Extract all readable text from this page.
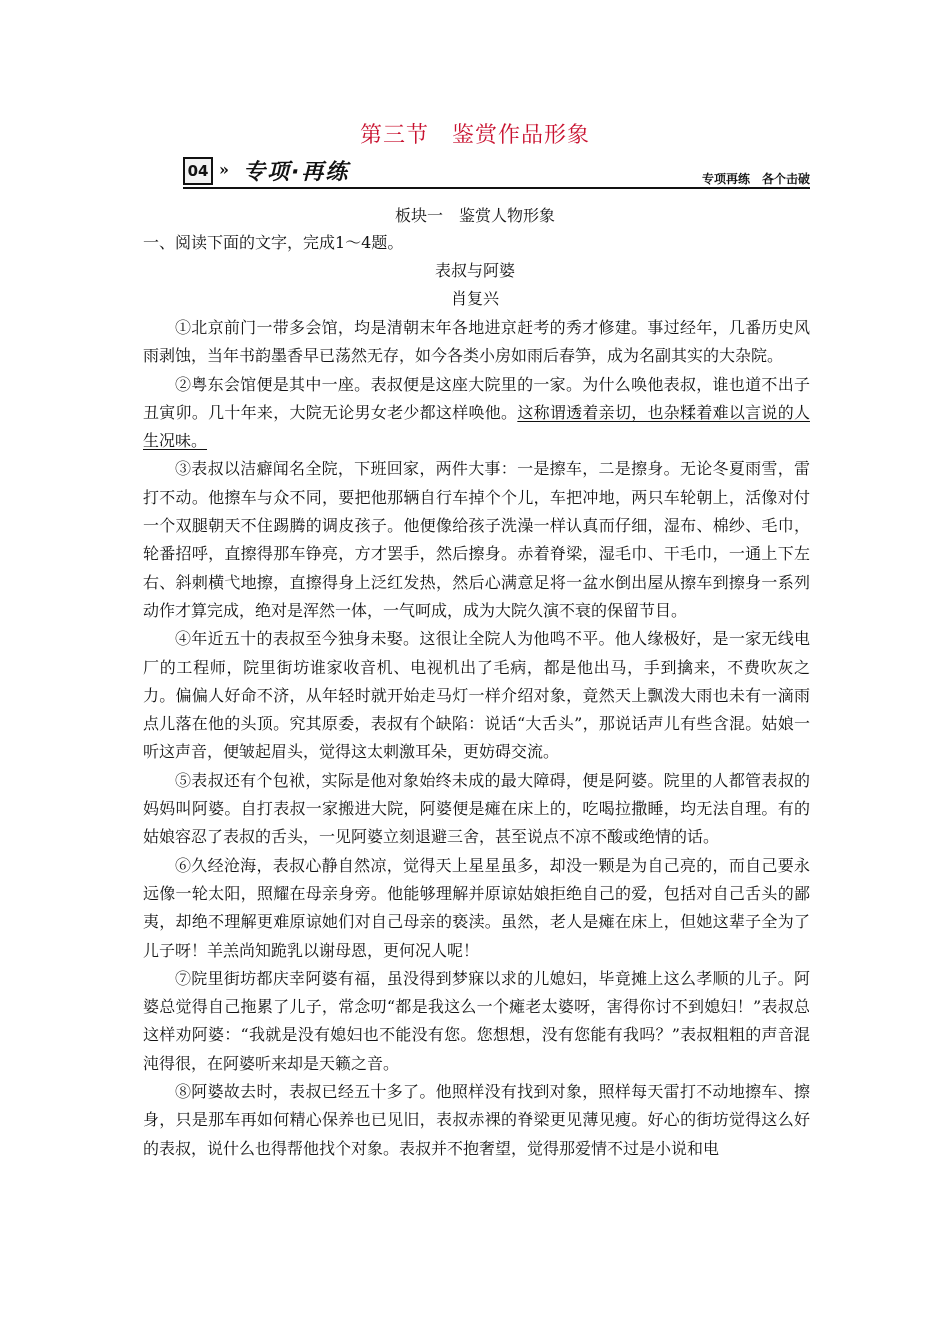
第三节　鉴赏作品形象
04 » 专项·再练	专项再练　各个击破
板块一　鉴赏人物形象
一、阅读下面的文字，完成1～4题。
表叔与阿婆
肖复兴

①北京前门一带多会馆，均是清朝末年各地进京赶考的秀才修建。事过经年，几番历史风雨剥蚀，当年书韵墨香早已荡然无存，如今各类小房如雨后春笋，成为名副其实的大杂院。

②粤东会馆便是其中一座。表叔便是这座大院里的一家。为什么唤他表叔，谁也道不出子丑寅卯。几十年来，大院无论男女老少都这样唤他。这称谓透着亲切，也杂糅着难以言说的人生况味。

③表叔以洁癖闻名全院，下班回家，两件大事：一是擦车，二是擦身。无论冬夏雨雪，雷打不动。他擦车与众不同，要把他那辆自行车掉个个儿，车把冲地，两只车轮朝上，活像对付一个双腿朝天不住踢腾的调皮孩子。他便像给孩子洗澡一样认真而仔细，湿布、棉纱、毛巾，轮番招呼，直擦得那车铮亮，方才罢手，然后擦身。赤着脊梁，湿毛巾、干毛巾，一通上下左右、斜刺横弋地擦，直擦得身上泛红发热，然后心满意足将一盆水倒出屋从擦车到擦身一系列动作才算完成，绝对是浑然一体，一气呵成，成为大院久演不衰的保留节目。

④年近五十的表叔至今独身未娶。这很让全院人为他鸣不平。他人缘极好，是一家无线电厂的工程师，院里街坊谁家收音机、电视机出了毛病，都是他出马，手到擒来，不费吹灰之力。偏偏人好命不济，从年轻时就开始走马灯一样介绍对象，竟然天上飘泼大雨也未有一滴雨点儿落在他的头顶。究其原委，表叔有个缺陷：说话“大舌头”，那说话声儿有些含混。姑娘一听这声音，便皱起眉头，觉得这太刺激耳朵，更妨碍交流。

⑤表叔还有个包袱，实际是他对象始终未成的最大障碍，便是阿婆。院里的人都管表叔的妈妈叫阿婆。自打表叔一家搬进大院，阿婆便是瘫在床上的，吃喝拉撒睡，均无法自理。有的姑娘容忍了表叔的舌头，一见阿婆立刻退避三舍，甚至说点不凉不酸或绝情的话。

⑥久经沧海，表叔心静自然凉，觉得天上星星虽多，却没一颗是为自己亮的，而自己要永远像一轮太阳，照耀在母亲身旁。他能够理解并原谅姑娘拒绝自己的爱，包括对自己舌头的鄙夷，却绝不理解更难原谅她们对自己母亲的亵渎。虽然，老人是瘫在床上，但她这辈子全为了儿子呀！羊羔尚知跪乳以谢母恩，更何况人呢！

⑦院里街坊都庆幸阿婆有福，虽没得到梦寐以求的儿媳妇，毕竟摊上这么孝顺的儿子。阿婆总觉得自己拖累了儿子，常念叨“都是我这么一个瘫老太婆呀，害得你讨不到媳妇！”表叔总这样劝阿婆：“我就是没有媳妇也不能没有您。您想想，没有您能有我吗？”表叔粗粗的声音混沌得很，在阿婆听来却是天籁之音。

⑧阿婆故去时，表叔已经五十多了。他照样没有找到对象，照样每天雷打不动地擦车、擦身，只是那车再如何精心保养也已见旧，表叔赤裸的脊梁更见薄见瘦。好心的街坊觉得这么好的表叔，说什么也得帮他找个对象。表叔并不抱奢望，觉得那爱情不过是小说和电
